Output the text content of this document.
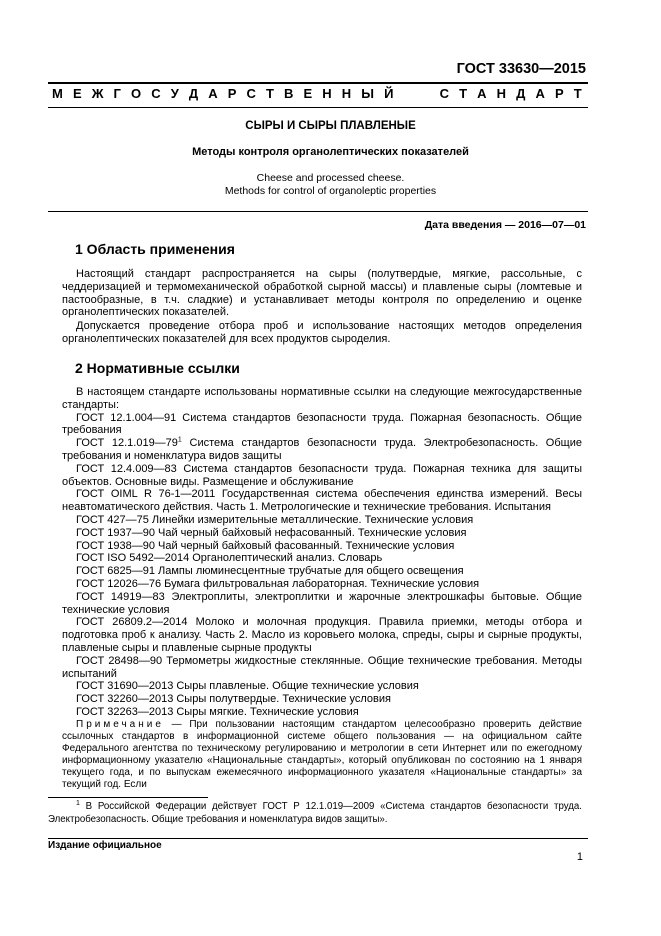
ГОСТ 33630—2015
М Е Ж Г О С У Д А Р С Т В Е Н Н Ы Й	С Т А Н Д А Р Т
СЫРЫ И СЫРЫ ПЛАВЛЕНЫЕ
Методы контроля органолептических показателей
Cheese and processed cheese.
Methods for control of organoleptic properties
Дата введения — 2016—07—01
1 Область применения

Настоящий стандарт распространяется на сыры (полутвердые, мягкие, рассольные, с чеддеризацией и термомеханической обработкой сырной массы) и плавленые сыры (ломтевые и пастообразные, в т.ч. сладкие) и устанавливает методы контроля по определению и оценке органолептических показателей.

Допускается проведение отбора проб и использование настоящих методов определения органолептических показателей для всех продуктов сыроделия.

2 Нормативные ссылки

В настоящем стандарте использованы нормативные ссылки на следующие межгосударственные стандарты:

ГОСТ 12.1.004—91 Система стандартов безопасности труда. Пожарная безопасность. Общие требования

ГОСТ $12.1.019—79^1$ Система стандартов безопасности труда. Электробезопасность. Общие требования и номенклатура видов защиты

ГОСТ 12.4.009—83 Система стандартов безопасности труда. Пожарная техника для защиты объектов. Основные виды. Размещение и обслуживание

ГОСТ OIML R 76-1—2011 Государственная система обеспечения единства измерений. Весы неавтоматического действия. Часть 1. Метрологические и технические требования. Испытания

ГОСТ 427—75 Линейки измерительные металлические. Технические условия

ГОСТ 1937—90 Чай черный байховый нефасованный. Технические условия

ГОСТ 1938—90 Чай черный байховый фасованный. Технические условия

ГОСТ ISO 5492—2014 Органолептический анализ. Словарь

ГОСТ 6825—91 Лампы люминесцентные трубчатые для общего освещения

ГОСТ 12026—76 Бумага фильтровальная лабораторная. Технические условия

ГОСТ 14919—83 Электроплиты, электроплитки и жарочные электрошкафы бытовые. Общие технические условия

ГОСТ 26809.2—2014 Молоко и молочная продукция. Правила приемки, методы отбора и подготовка проб к анализу. Часть 2. Масло из коровьего молока, спреды, сыры и сырные продукты, плавленые сыры и плавленые сырные продукты

ГОСТ 28498—90 Термометры жидкостные стеклянные. Общие технические требования. Методы испытаний

ГОСТ 31690—2013 Сыры плавленые. Общие технические условия

ГОСТ 32260—2013 Сыры полутвердые. Технические условия

ГОСТ 32263—2013 Сыры мягкие. Технические условия

Примечание — При пользовании настоящим стандартом целесообразно проверить действие ссылочных стандартов в информационной системе общего пользования — на официальном сайте Федерального агентства по техническому регулированию и метрологии в сети Интернет или по ежегодному информационному указателю «Национальные стандарты», который опубликован по состоянию на 1 января текущего года, и по выпускам ежемесячного информационного указателя «Национальные стандарты» за текущий год. Если

$^1$ В Российской Федерации действует ГОСТ Р 12.1.019—2009 «Система стандартов безопасности труда. Электробезопасность. Общие требования и номенклатура видов защиты».

Издание официальное
1
